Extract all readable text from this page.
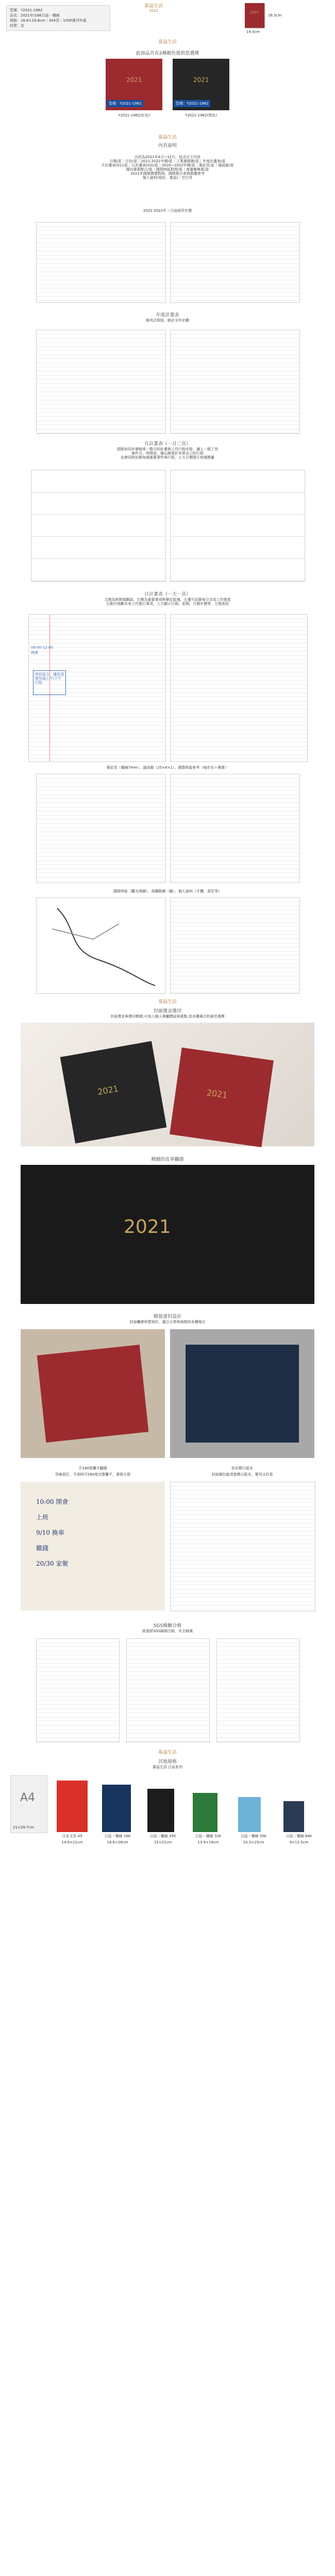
型號：Y2021-1962
品名：2021年/16K日誌－橫線
規格：16.6×19.6cm｜304頁｜100P薄刊年處
材質：皮
慕溢生活
2021	2021
26.5cm
19.5cm
慕溢生活
此商品共有2種顏色提供您選擇
2021
型號：Y2021-1962
2021
型號：Y2021-1962
Y2021-1962(紅色)	Y2021-1962(黑色)
慕溢生活
內頁說明
內頁為2021年4月~12月，包含以下內容
日期/星｜月份/星｜2021-2022年曆/星｜工業週期曆/星｜年度計畫表/星
月計畫表(01)/星｜日計畫表(03)/星｜2020~2022年曆/星｜筆記頁/星｜通訊錄/星
國內重要節日/星｜國際時區對照/星｜度量衡換算/星
2021年國曆農曆對照，國際假日表與節慶參考
個人資料(地址、電話)｜空白頁
2021-2022年｜日誌兩頁年曆
年度計畫表
條列式排版，統計全年計劃
月計畫表（一月二頁）
搭配如同年曆檢視一整月的計畫與工作行程安排，讓人一眼了然
條件式、時間表、備忘錄便於安排自己的行程
也會同時記錄每週重要事件與行程，上方月曆提示每週節慶
日計畫表（一天一頁）
左側為時間規劃區，右側為重要事項與筆記區塊，左邊可記錄每日完成工作進度
右側可規劃未來工作進行事項，上方顯示日期、星期、月曆年曆等，方便查找
09:00-12:00
開會
時段區分，讓你清楚知道上午/下午行程
筆記頁（橫線7mm）、通訊錄（25×8×1）、國際時區參考（城市名＋換算）
國際時區（觀光地圖）、高鐵路網（圖）、個人資料（手機、喜好等）
慕溢生活
封面燙金燙印
封面燙金與燙印精緻,可加入個人專屬標誌與重點,是各種場合的最佳選擇
2021	2021
精緻的皮革觸感
2021
精裝書封設計
封面觸感與質地好，適合日常與商務的各種場合
平180度攤平翻閱
穿線裝訂，平放時可180度完整攤平，書寫方便
色彩標示版本
封面顏色能清楚標示版本，實用又好看
10:00 開會
上班
9/10 換車
繳錢
20/30 家聚
SGS檢驗合格
紙張經SGS檢測合格，安全無虞
慕溢生活
其他規格
慕溢生活 日誌系列
A4
21×29.7cm
日本文具 A5
14.8×21cm
日誌－橫線 16K
18.6×26cm
日誌－橫線 25K
15×21cm
日誌－橫線 32K
13.4×19cm
日誌－橫線 50K
10.5×15cm
日誌－橫線 64K
9×13.5cm
